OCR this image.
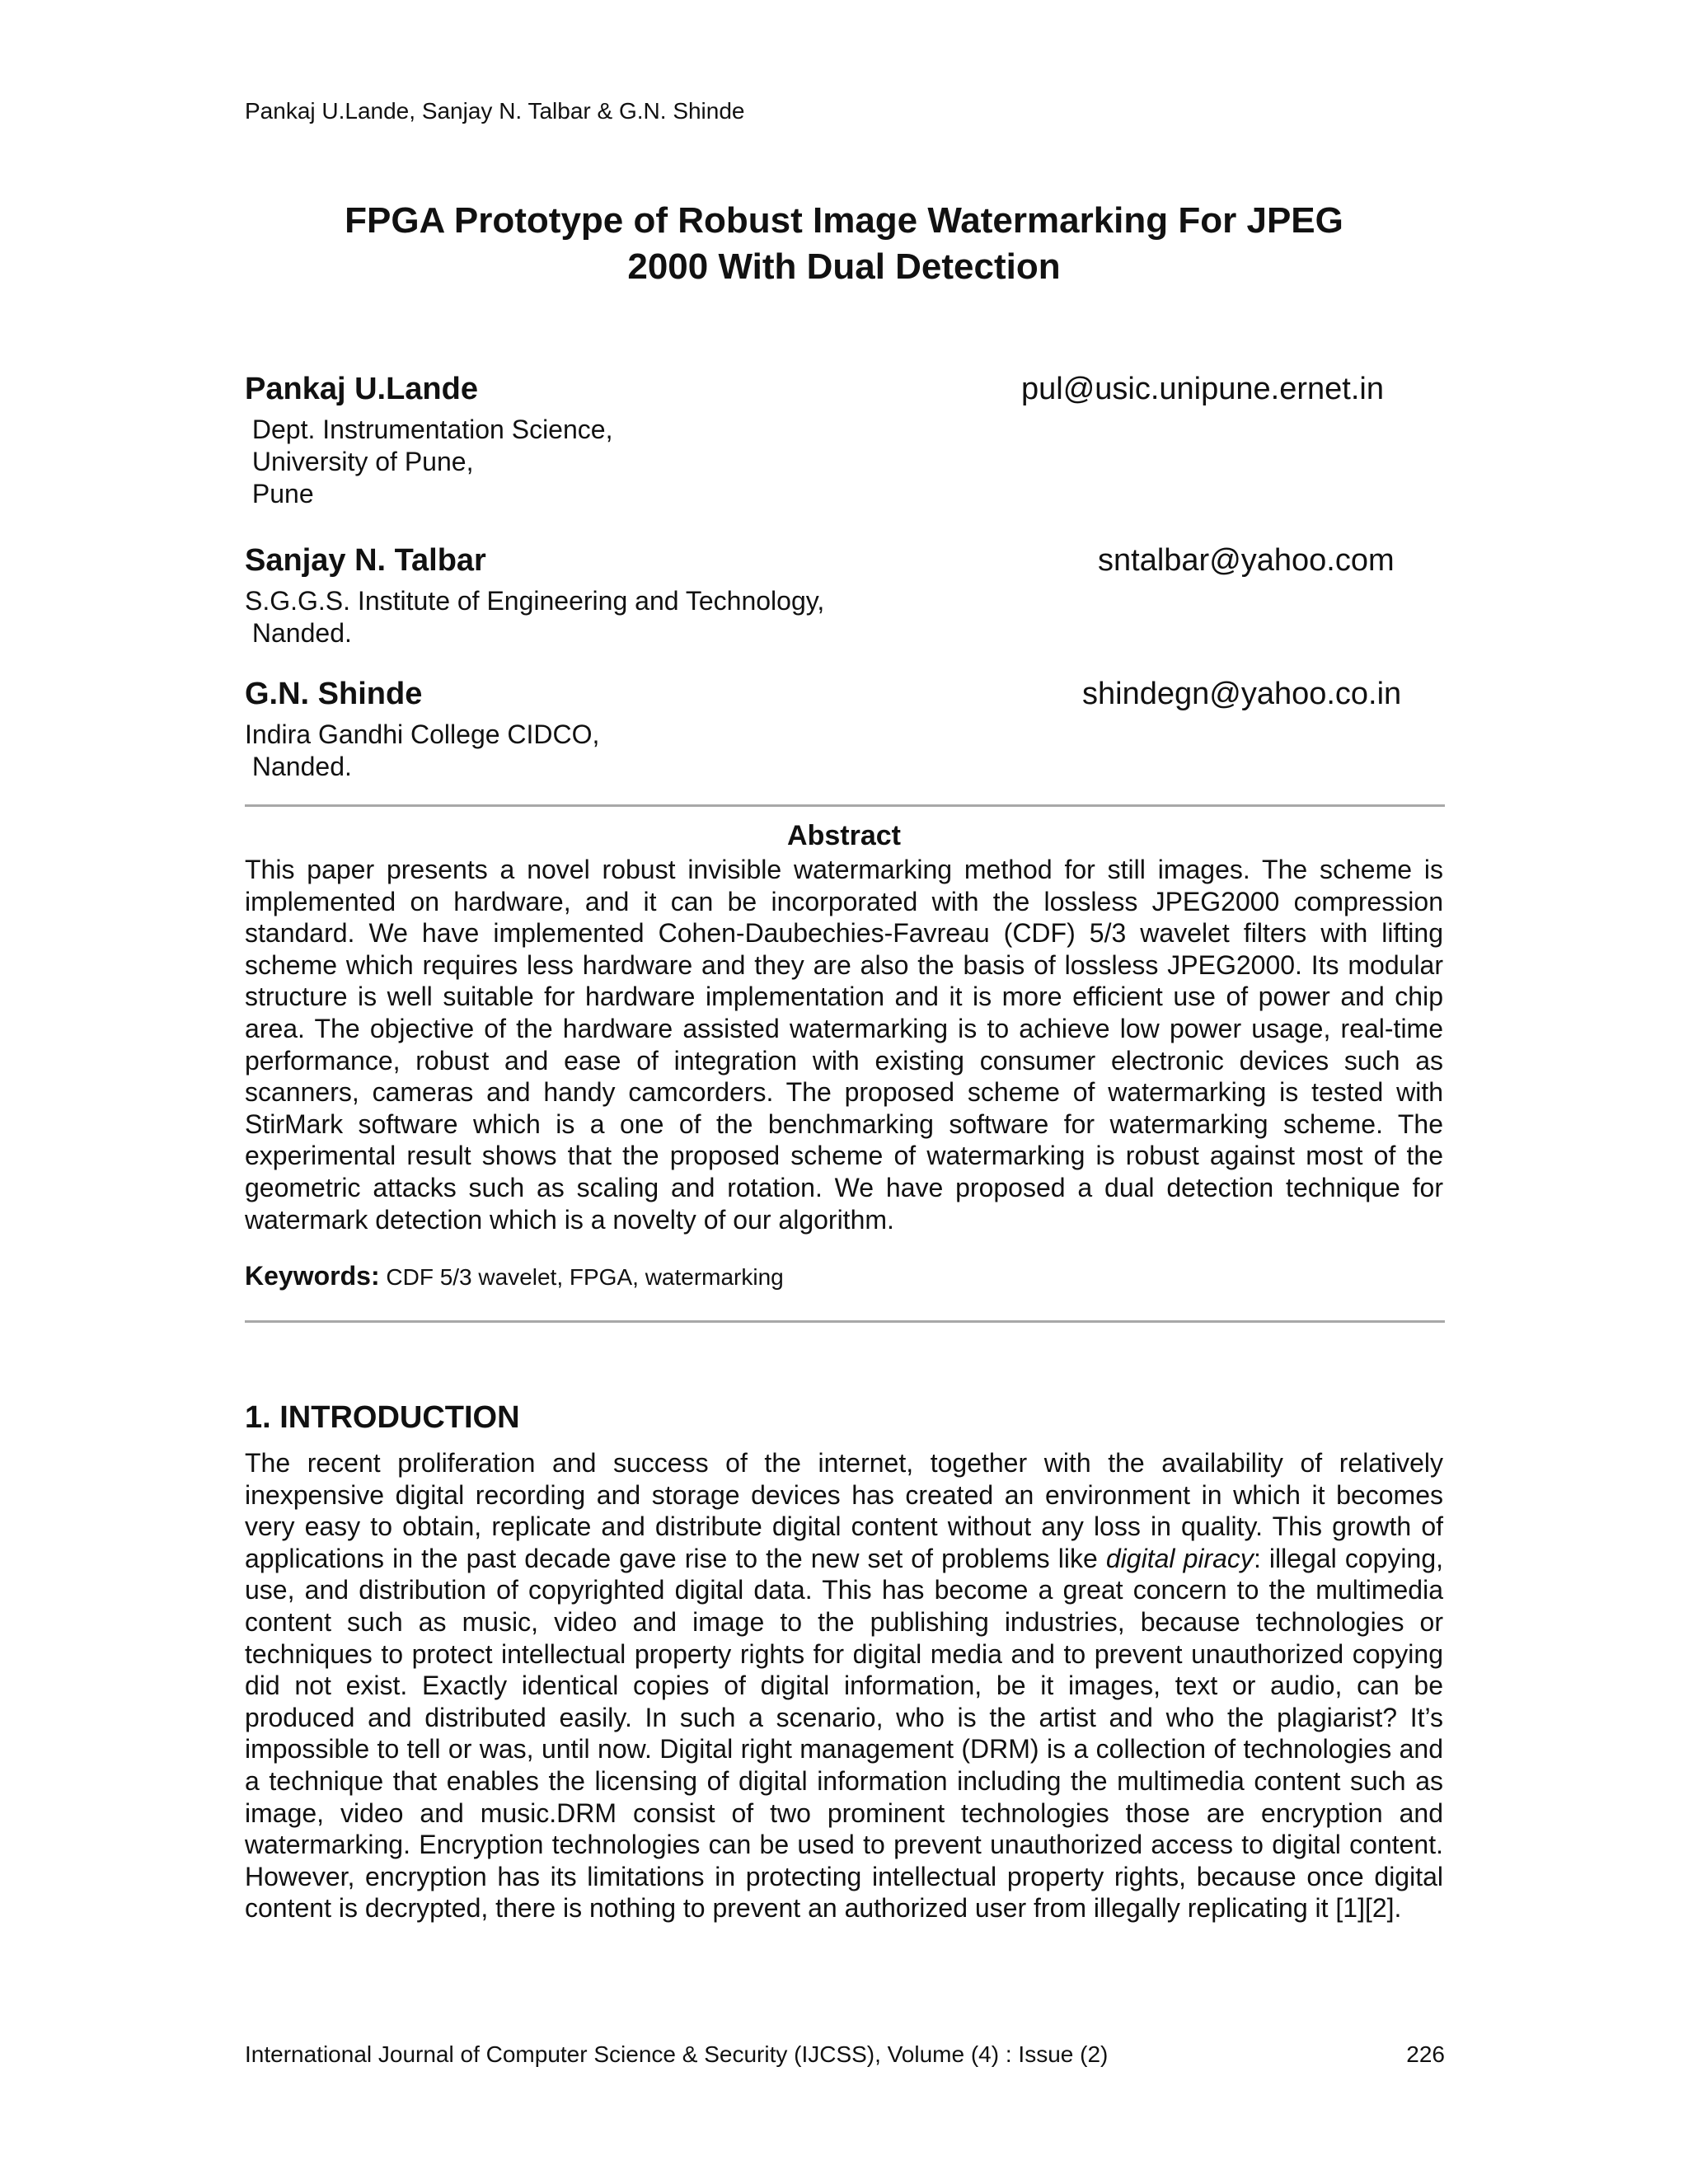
Pankaj U.Lande, Sanjay N. Talbar & G.N. Shinde
FPGA Prototype of Robust Image Watermarking For JPEG
2000 With Dual Detection
Pankaj U.Lande	pul@usic.unipune.ernet.in
Dept. Instrumentation Science,
University of Pune,
Pune
Sanjay N. Talbar	sntalbar@yahoo.com
S.G.G.S. Institute of Engineering and Technology,
Nanded.
G.N. Shinde	shindegn@yahoo.co.in
Indira Gandhi College CIDCO,
Nanded.
Abstract

This paper presents a novel robust invisible watermarking method for still images. The scheme is implemented on hardware, and it can be incorporated with the lossless JPEG2000 compression standard. We have implemented Cohen-Daubechies-Favreau (CDF) 5/3 wavelet filters with lifting scheme which requires less hardware and they are also the basis of lossless JPEG2000. Its modular structure is well suitable for hardware implementation and it is more efficient use of power and chip area. The objective of the hardware assisted watermarking is to achieve low power usage, real-time performance, robust and ease of integration with existing consumer electronic devices such as scanners, cameras and handy camcorders. The proposed scheme of watermarking is tested with StirMark software which is a one of the benchmarking software for watermarking scheme. The experimental result shows that the proposed scheme of watermarking is robust against most of the geometric attacks such as scaling and rotation. We have proposed a dual detection technique for watermark detection which is a novelty of our algorithm.

Keywords: CDF 5/3 wavelet, FPGA, watermarking
1. INTRODUCTION

The recent proliferation and success of the internet, together with the availability of relatively inexpensive digital recording and storage devices has created an environment in which it becomes very easy to obtain, replicate and distribute digital content without any loss in quality. This growth of applications in the past decade gave rise to the new set of problems like digital piracy: illegal copying, use, and distribution of copyrighted digital data. This has become a great concern to the multimedia content such as music, video and image to the publishing industries, because technologies or techniques to protect intellectual property rights for digital media and to prevent unauthorized copying did not exist. Exactly identical copies of digital information, be it images, text or audio, can be produced and distributed easily. In such a scenario, who is the artist and who the plagiarist? It’s impossible to tell or was, until now. Digital right management (DRM) is a collection of technologies and a technique that enables the licensing of digital information including the multimedia content such as image, video and music.DRM consist of two prominent technologies those are encryption and watermarking. Encryption technologies can be used to prevent unauthorized access to digital content. However, encryption has its limitations in protecting intellectual property rights, because once digital content is decrypted, there is nothing to prevent an authorized user from illegally replicating it [1][2].

International Journal of Computer Science & Security (IJCSS), Volume (4) : Issue (2)	226
